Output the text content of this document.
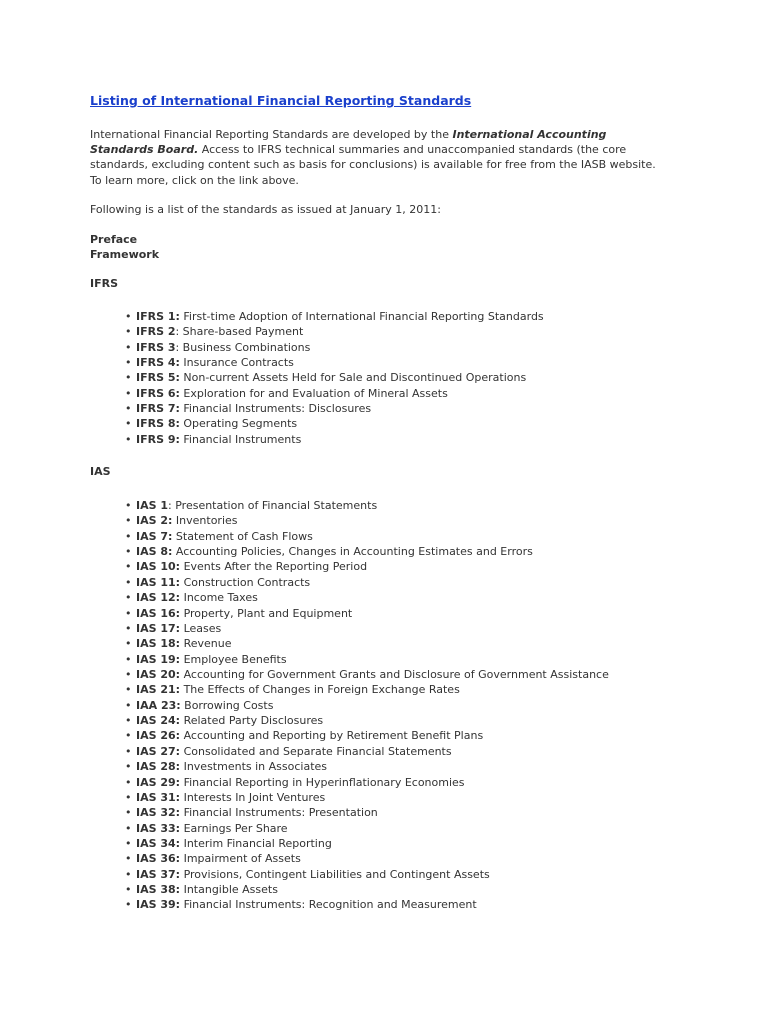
Listing of International Financial Reporting Standards

International Financial Reporting Standards are developed by the International Accounting Standards Board. Access to IFRS technical summaries and unaccompanied standards (the core standards, excluding content such as basis for conclusions) is available for free from the IASB website. To learn more, click on the link above.

Following is a list of the standards as issued at January 1, 2011:

Preface
Framework
IFRS
• IFRS 1: First-time Adoption of International Financial Reporting Standards
• IFRS 2: Share-based Payment
• IFRS 3: Business Combinations
• IFRS 4: Insurance Contracts
• IFRS 5: Non-current Assets Held for Sale and Discontinued Operations
• IFRS 6: Exploration for and Evaluation of Mineral Assets
• IFRS 7: Financial Instruments: Disclosures
• IFRS 8: Operating Segments
• IFRS 9: Financial Instruments
IAS
• IAS 1: Presentation of Financial Statements
• IAS 2: Inventories
• IAS 7: Statement of Cash Flows
• IAS 8: Accounting Policies, Changes in Accounting Estimates and Errors
• IAS 10: Events After the Reporting Period
• IAS 11: Construction Contracts
• IAS 12: Income Taxes
• IAS 16: Property, Plant and Equipment
• IAS 17: Leases
• IAS 18: Revenue
• IAS 19: Employee Benefits
• IAS 20: Accounting for Government Grants and Disclosure of Government Assistance
• IAS 21: The Effects of Changes in Foreign Exchange Rates
• IAA 23: Borrowing Costs
• IAS 24: Related Party Disclosures
• IAS 26: Accounting and Reporting by Retirement Benefit Plans
• IAS 27: Consolidated and Separate Financial Statements
• IAS 28: Investments in Associates
• IAS 29: Financial Reporting in Hyperinflationary Economies
• IAS 31: Interests In Joint Ventures
• IAS 32: Financial Instruments: Presentation
• IAS 33: Earnings Per Share
• IAS 34: Interim Financial Reporting
• IAS 36: Impairment of Assets
• IAS 37: Provisions, Contingent Liabilities and Contingent Assets
• IAS 38: Intangible Assets
• IAS 39: Financial Instruments: Recognition and Measurement
